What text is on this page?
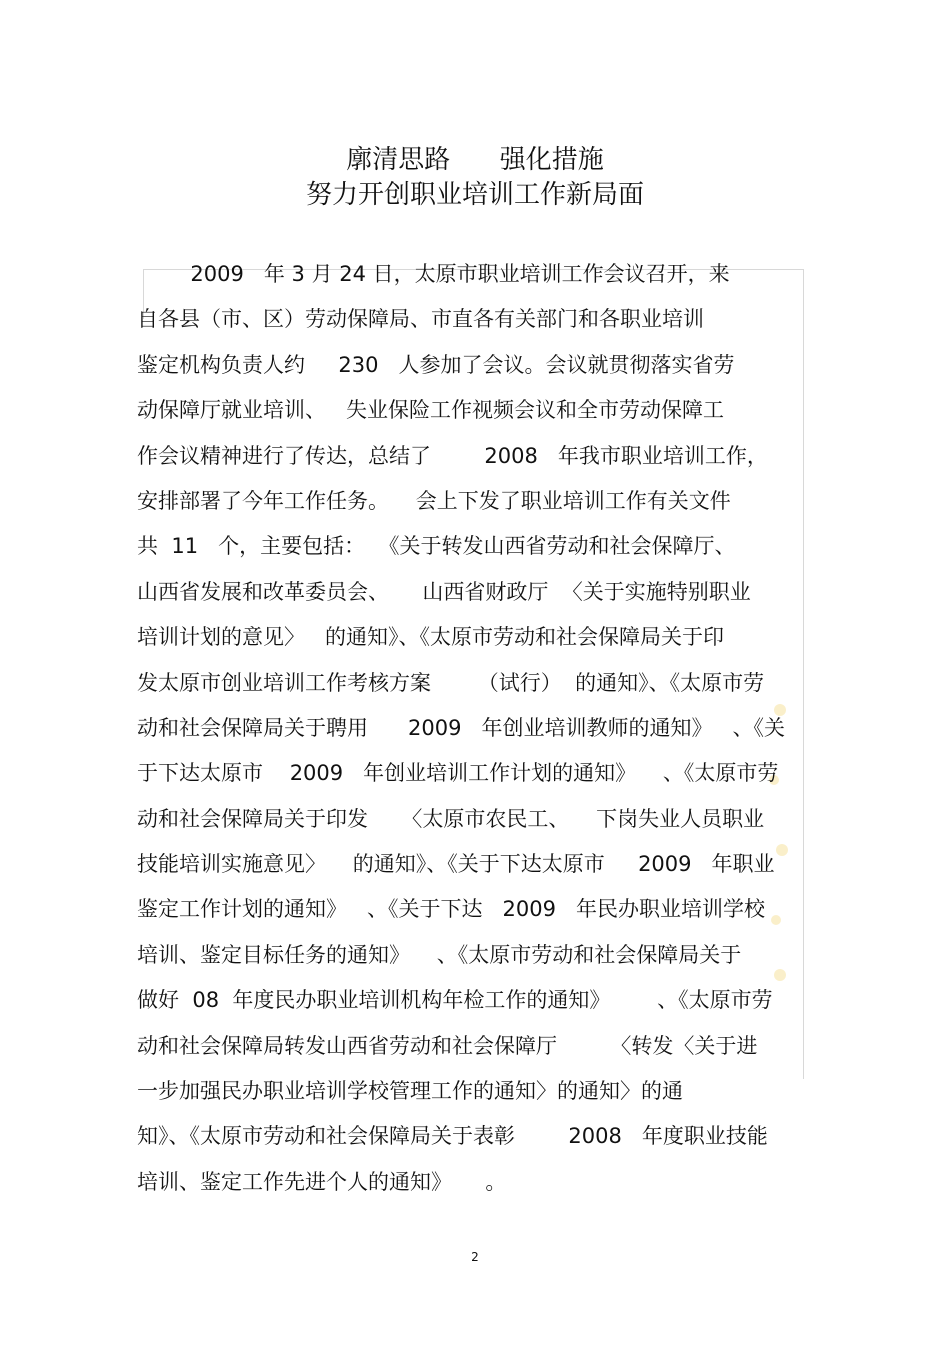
廓清思路      强化措施
努力开创职业培训工作新局面
2009   年 3 月 24 日，太原市职业培训工作会议召开，来
自各县（市、区）劳动保障局、市直各有关部门和各职业培训
鉴定机构负责人约     230   人参加了会议。会议就贯彻落实省劳
动保障厅就业培训、   失业保险工作视频会议和全市劳动保障工
作会议精神进行了传达，总结了        2008   年我市职业培训工作，
安排部署了今年工作任务。    会上下发了职业培训工作有关文件
共  11   个，主要包括：  《关于转发山西省劳动和社会保障厅、
山西省发展和改革委员会、     山西省财政厅  〈关于实施特别职业
培训计划的意见〉   的通知》、《太原市劳动和社会保障局关于印
发太原市创业培训工作考核方案       （试行）  的通知》、《太原市劳
动和社会保障局关于聘用      2009   年创业培训教师的通知》   、《关
于下达太原市    2009   年创业培训工作计划的通知》    、《太原市劳
动和社会保障局关于印发     〈太原市农民工、    下岗失业人员职业
技能培训实施意见〉    的通知》、《关于下达太原市     2009   年职业
鉴定工作计划的通知》   、《关于下达   2009   年民办职业培训学校
培训、鉴定目标任务的通知》    、《太原市劳动和社会保障局关于
做好  08  年度民办职业培训机构年检工作的通知》       、《太原市劳
动和社会保障局转发山西省劳动和社会保障厅        〈转发〈关于进
一步加强民办职业培训学校管理工作的通知〉的通知〉的通
知》、《太原市劳动和社会保障局关于表彰        2008   年度职业技能
培训、鉴定工作先进个人的通知》     。
2
